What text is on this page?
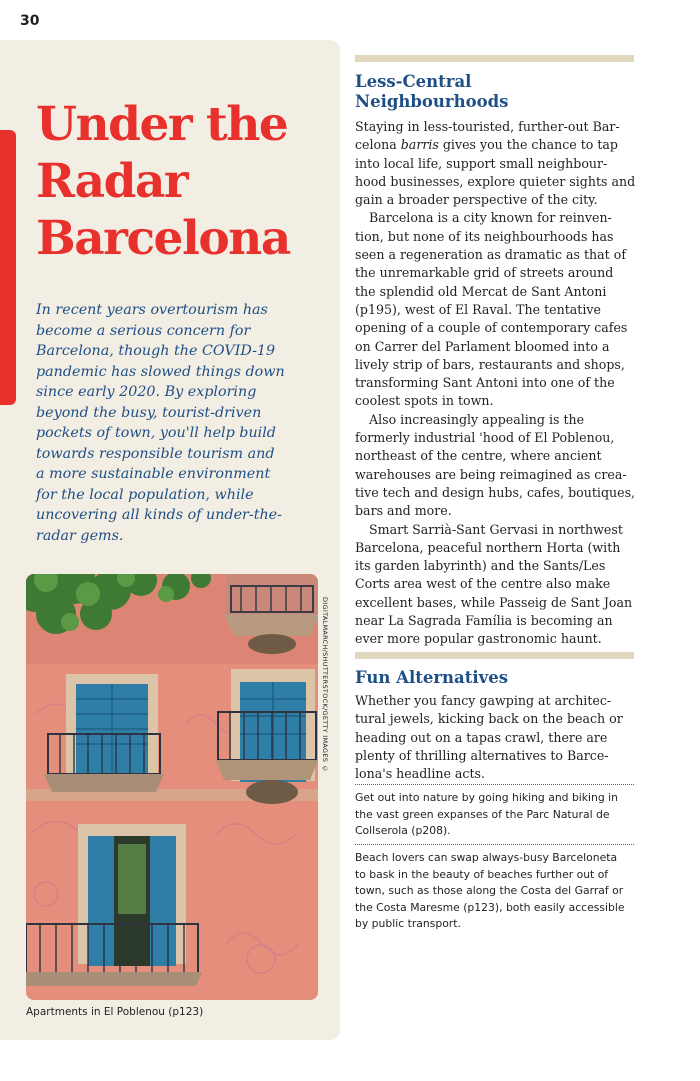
30
Under the
Radar
Barcelona
In recent years overtourism has
become a serious concern for
Barcelona, though the COVID-19
pandemic has slowed things down
since early 2020. By exploring
beyond the busy, tourist-driven
pockets of town, you'll help build
towards responsible tourism and
a more sustainable environment
for the local population, while
uncovering all kinds of under-the-
radar gems.
DIGITALMARCH/SHUTTERSTOCK/GETTY IMAGES ©
Apartments in El Poblenou (p123)
Less-Central
Neighbourhoods
Staying in less-touristed, further-out Bar-
celona barris gives you the chance to tap
into local life, support small neighbour-
hood businesses, explore quieter sights and
gain a broader perspective of the city.
Barcelona is a city known for reinven-
tion, but none of its neighbourhoods has
seen a regeneration as dramatic as that of
the unremarkable grid of streets around
the splendid old Mercat de Sant Antoni
(p195), west of El Raval. The tentative
opening of a couple of contemporary cafes
on Carrer del Parlament bloomed into a
lively strip of bars, restaurants and shops,
transforming Sant Antoni into one of the
coolest spots in town.
Also increasingly appealing is the
formerly industrial 'hood of El Poblenou,
northeast of the centre, where ancient
warehouses are being reimagined as crea-
tive tech and design hubs, cafes, boutiques,
bars and more.
Smart Sarrià-Sant Gervasi in northwest
Barcelona, peaceful northern Horta (with
its garden labyrinth) and the Sants/Les
Corts area west of the centre also make
excellent bases, while Passeig de Sant Joan
near La Sagrada Família is becoming an
ever more popular gastronomic haunt.
Fun Alternatives
Whether you fancy gawping at architec-
tural jewels, kicking back on the beach or
heading out on a tapas crawl, there are
plenty of thrilling alternatives to Barce-
lona's headline acts.
Get out into nature by going hiking and biking in
the vast green expanses of the Parc Natural de
Collserola (p208).
Beach lovers can swap always-busy Barceloneta
to bask in the beauty of beaches further out of
town, such as those along the Costa del Garraf or
the Costa Maresme (p123), both easily accessible
by public transport.
